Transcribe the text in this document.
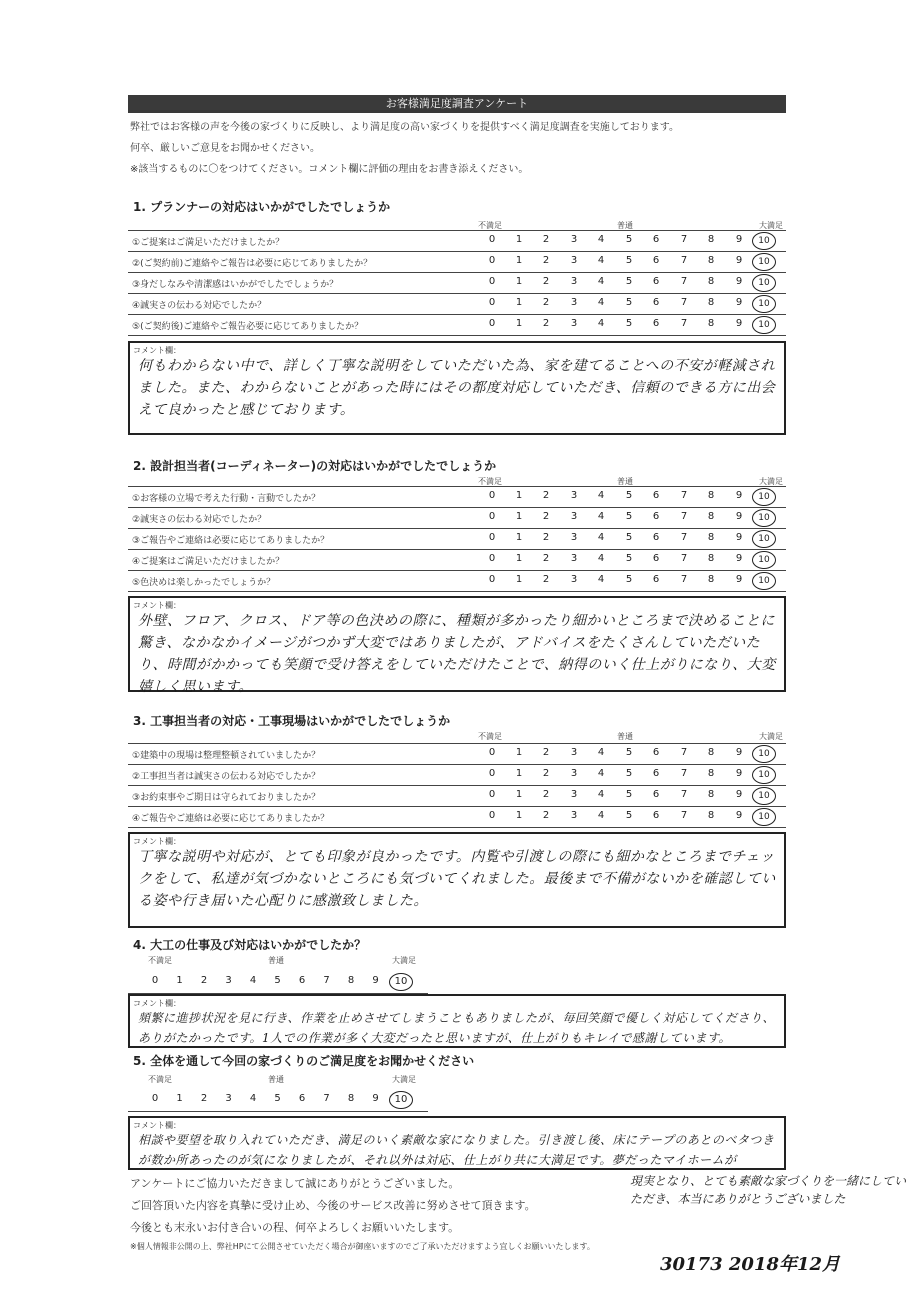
お客様満足度調査アンケート
弊社ではお客様の声を今後の家づくりに反映し、より満足度の高い家づくりを提供すべく満足度調査を実施しております。
何卒、厳しいご意見をお聞かせください。
※該当するものに〇をつけてください。コメント欄に評価の理由をお書き添えください。
1. プランナーの対応はいかがでしたでしょうか
不満足	普通	大満足
①ご提案はご満足いただけましたか？	0	1	2	3	4	5	6	7	8	9	10
②(ご契約前)ご連絡やご報告は必要に応じてありましたか？	0	1	2	3	4	5	6	7	8	9	10
③身だしなみや清潔感はいかがでしたでしょうか？	0	1	2	3	4	5	6	7	8	9	10
④誠実さの伝わる対応でしたか？	0	1	2	3	4	5	6	7	8	9	10
⑤(ご契約後)ご連絡やご報告必要に応じてありましたか？	0	1	2	3	4	5	6	7	8	9	10
コメント欄：
何もわからない中で、詳しく丁寧な説明をしていただいた為、家を建てることへの不安が軽減されました。また、わからないことがあった時にはその都度対応していただき、信頼のできる方に出会えて良かったと感じております。
2. 設計担当者(コーディネーター)の対応はいかがでしたでしょうか
不満足	普通	大満足
①お客様の立場で考えた行動・言動でしたか？	0	1	2	3	4	5	6	7	8	9	10
②誠実さの伝わる対応でしたか？	0	1	2	3	4	5	6	7	8	9	10
③ご報告やご連絡は必要に応じてありましたか？	0	1	2	3	4	5	6	7	8	9	10
④ご提案はご満足いただけましたか？	0	1	2	3	4	5	6	7	8	9	10
⑤色決めは楽しかったでしょうか？	0	1	2	3	4	5	6	7	8	9	10
コメント欄：
外壁、フロア、クロス、ドア等の色決めの際に、種類が多かったり細かいところまで決めることに驚き、なかなかイメージがつかず大変ではありましたが、アドバイスをたくさんしていただいたり、時間がかかっても笑顔で受け答えをしていただけたことで、納得のいく仕上がりになり、大変嬉しく思います。
3. 工事担当者の対応・工事現場はいかがでしたでしょうか
不満足	普通	大満足
①建築中の現場は整理整頓されていましたか？	0	1	2	3	4	5	6	7	8	9	10
②工事担当者は誠実さの伝わる対応でしたか？	0	1	2	3	4	5	6	7	8	9	10
③お約束事やご期日は守られておりましたか？	0	1	2	3	4	5	6	7	8	9	10
④ご報告やご連絡は必要に応じてありましたか？	0	1	2	3	4	5	6	7	8	9	10
コメント欄：
丁寧な説明や対応が、とても印象が良かったです。内覧や引渡しの際にも細かなところまでチェックをして、私達が気づかないところにも気づいてくれました。最後まで不備がないかを確認している姿や行き届いた心配りに感激致しました。
4. 大工の仕事及び対応はいかがでしたか？
不満足	普通	大満足
0	1	2	3	4	5	6	7	8	9	10
コメント欄：
頻繁に進捗状況を見に行き、作業を止めさせてしまうこともありましたが、毎回笑顔で優しく対応してくださり、ありがたかったです。1人での作業が多く大変だったと思いますが、仕上がりもキレイで感謝しています。
5. 全体を通して今回の家づくりのご満足度をお聞かせください
不満足	普通	大満足
0	1	2	3	4	5	6	7	8	9	10
コメント欄：
相談や要望を取り入れていただき、満足のいく素敵な家になりました。引き渡し後、床にテープのあとのベタつきが数か所あったのが気になりましたが、それ以外は対応、仕上がり共に大満足です。夢だったマイホームが
現実となり、とても素敵な家づくりを一緒にしていただき、本当にありがとうございました
アンケートにご協力いただきまして誠にありがとうございました。
ご回答頂いた内容を真摯に受け止め、今後のサービス改善に努めさせて頂きます。
今後とも末永いお付き合いの程、何卒よろしくお願いいたします。
※個人情報非公開の上、弊社HPにて公開させていただく場合が御座いますのでご了承いただけますよう宜しくお願いいたします。
30173 2018年12月
